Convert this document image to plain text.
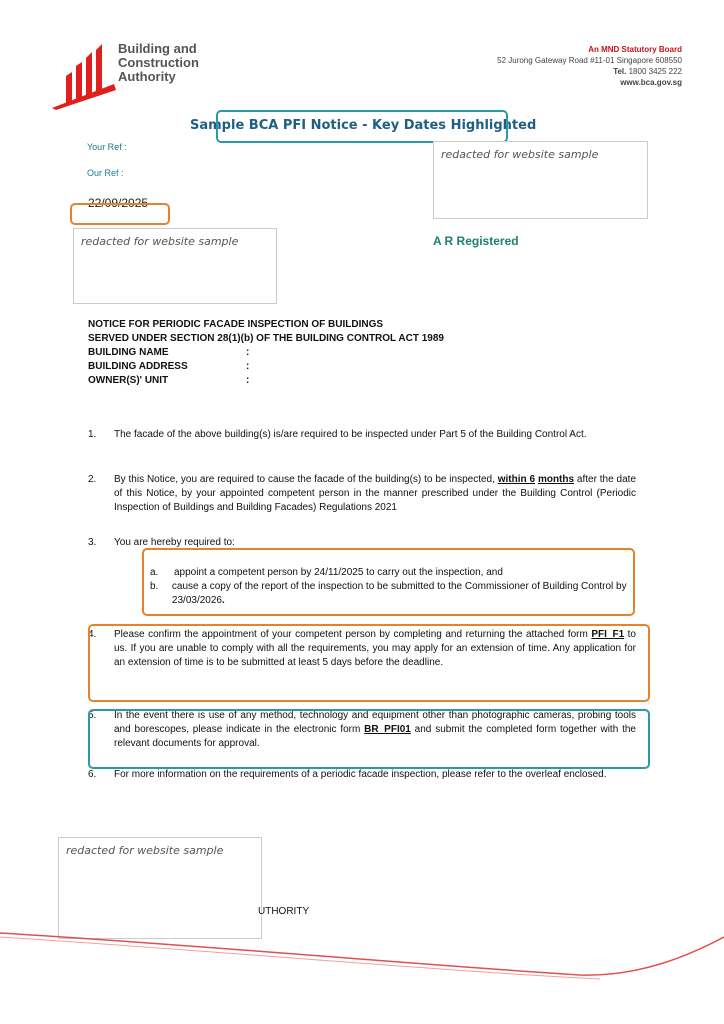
Building and
Construction
Authority
An MND Statutory Board
52 Jurong Gateway Road #11-01 Singapore 608550
Tel. 1800 3425 222
www.bca.gov.sg
Sample BCA PFI Notice - Key Dates Highlighted
Your Ref :
Our Ref :
redacted for website sample
22/09/2025
redacted for website sample	A R Registered
NOTICE FOR PERIODIC FACADE INSPECTION OF BUILDINGS
SERVED UNDER SECTION 28(1)(b) OF THE BUILDING CONTROL ACT 1989
BUILDING NAME	:
BUILDING ADDRESS	:
OWNER(S)' UNIT	:
1. The facade of the above building(s) is/are required to be inspected under Part 5 of the Building Control Act.
2. By this Notice, you are required to cause the facade of the building(s) to be inspected, within 6 months after the date of this Notice, by your appointed competent person in the manner prescribed under the Building Control (Periodic Inspection of Buildings and Building Facades) Regulations 2021
3. You are hereby required to:
a.	appoint a competent person by 24/11/2025 to carry out the inspection, and
b.	cause a copy of the report of the inspection to be submitted to the Commissioner of Building Control by 23/03/2026.
4. Please confirm the appointment of your competent person by completing and returning the attached form PFI_F1 to us. If you are unable to comply with all the requirements, you may apply for an extension of time. Any application for an extension of time is to be submitted at least 5 days before the deadline.
5. In the event there is use of any method, technology and equipment other than photographic cameras, probing tools and borescopes, please indicate in the electronic form BR_PFI01 and submit the completed form together with the relevant documents for approval.
6. For more information on the requirements of a periodic facade inspection, please refer to the overleaf enclosed.
redacted for website sample
UTHORITY
